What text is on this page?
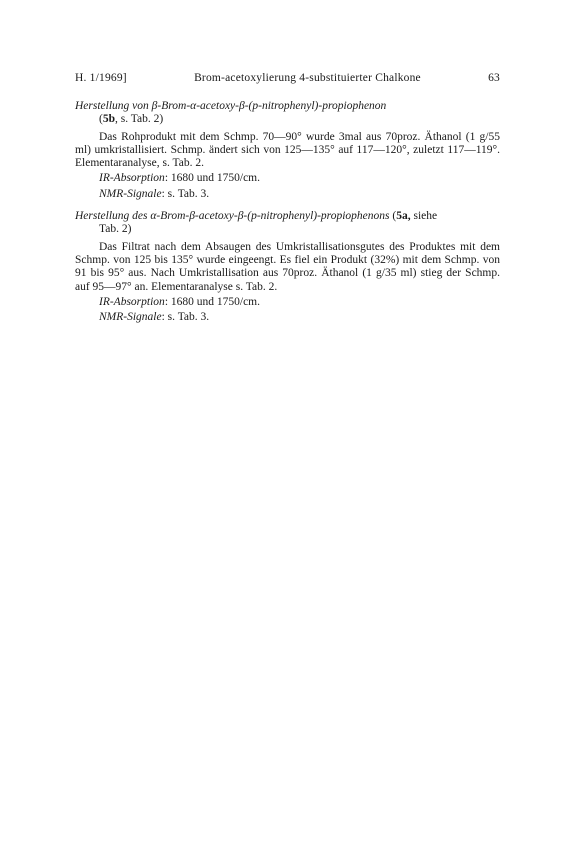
H. 1/1969]	Brom-acetoxylierung 4-substituierter Chalkone	63
Herstellung von β-Brom-α-acetoxy-β-(p-nitrophenyl)-propiophenon
(5b, s. Tab. 2)

Das Rohprodukt mit dem Schmp. 70—90° wurde 3mal aus 70proz. Äthanol (1 g/55 ml) umkristallisiert. Schmp. ändert sich von 125—135° auf 117—120°, zuletzt 117—119°. Elementaranalyse, s. Tab. 2.

IR-Absorption: 1680 und 1750/cm.
NMR-Signale: s. Tab. 3.
Herstellung des α-Brom-β-acetoxy-β-(p-nitrophenyl)-propiophenons (5a, siehe
Tab. 2)

Das Filtrat nach dem Absaugen des Umkristallisationsgutes des Produktes mit dem Schmp. von 125 bis 135° wurde eingeengt. Es fiel ein Produkt (32%) mit dem Schmp. von 91 bis 95° aus. Nach Umkristallisation aus 70proz. Äthanol (1 g/35 ml) stieg der Schmp. auf 95—97° an. Elementaranalyse s. Tab. 2.

IR-Absorption: 1680 und 1750/cm.
NMR-Signale: s. Tab. 3.
